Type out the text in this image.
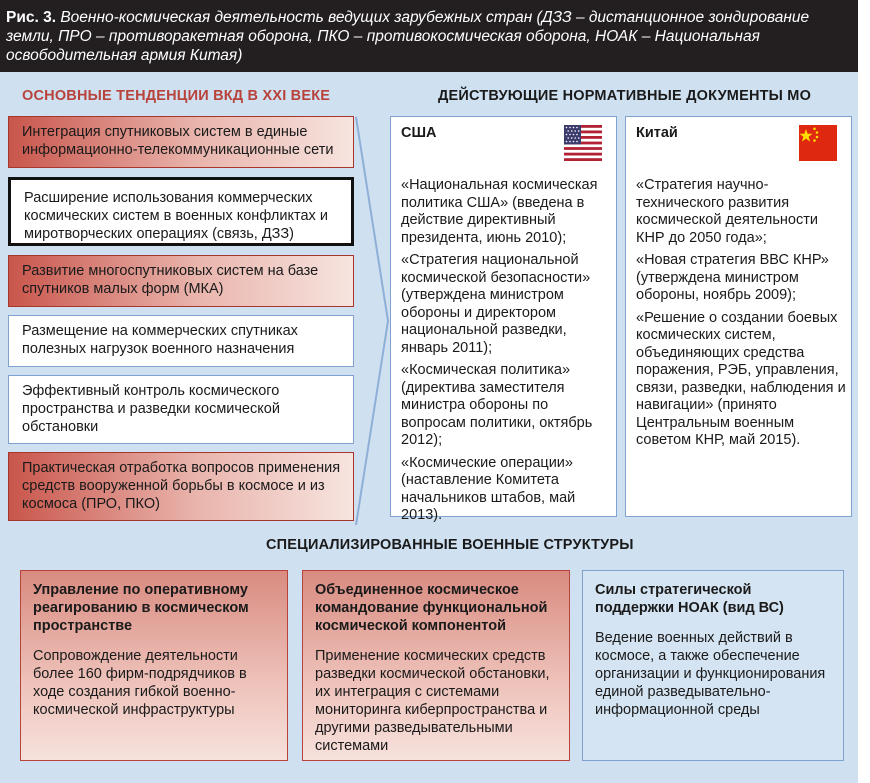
Рис. 3. Военно-космическая деятельность ведущих зарубежных стран (ДЗЗ – дистанционное зондирование земли, ПРО – противоракетная оборона, ПКО – противокосмическая оборона, НОАК – Национальная освободительная армия Китая)
ОСНОВНЫЕ ТЕНДЕНЦИИ ВКД В XXI ВЕКЕ	ДЕЙСТВУЮЩИЕ НОРМАТИВНЫЕ ДОКУМЕНТЫ МО
Интеграция спутниковых систем в единые информационно-телекоммуникационные сети
Расширение использования коммерческих космических систем в военных конфликтах и миротворческих операциях (связь, ДЗЗ)
Развитие многоспутниковых систем на базе спутников малых форм (МКА)
Размещение на коммерческих спутниках полезных нагрузок военного назначения
Эффективный контроль космического пространства и разведки космической обстановки
Практическая отработка вопросов применения средств вооруженной борьбы в космосе и из космоса (ПРО, ПКО)
США

«Национальная космическая политика США» (введена в действие директивный президента, июнь 2010);

«Стратегия национальной космической безопасности» (утверждена министром обороны и директором национальной разведки, январь 2011);

«Космическая политика» (директива заместителя министра обороны по вопросам политики, октябрь 2012);

«Космические операции» (наставление Комитета начальников штабов, май 2013).

Китай

«Стратегия научно-технического развития космической деятельности КНР до 2050 года»;

«Новая стратегия ВВС КНР» (утверждена министром обороны, ноябрь 2009);

«Решение о создании боевых космических систем, объединяющих средства поражения, РЭБ, управления, связи, разведки, наблюдения и навигации» (принято Центральным военным советом КНР, май 2015).

СПЕЦИАЛИЗИРОВАННЫЕ ВОЕННЫЕ СТРУКТУРЫ
Управление по оперативному реагированию в космическом пространстве
Сопровождение деятельности более 160 фирм-подрядчиков в ходе создания гибкой военно-космической инфраструктуры
Объединенное космическое командование функциональной космической компонентой
Применение космических средств разведки космической обстановки, их интеграция с системами мониторинга киберпространства и другими разведывательными системами
Силы стратегической поддержки НОАК (вид ВС)
Ведение военных действий в космосе, а также обеспечение организации и функционирования единой разведывательно-информационной среды
